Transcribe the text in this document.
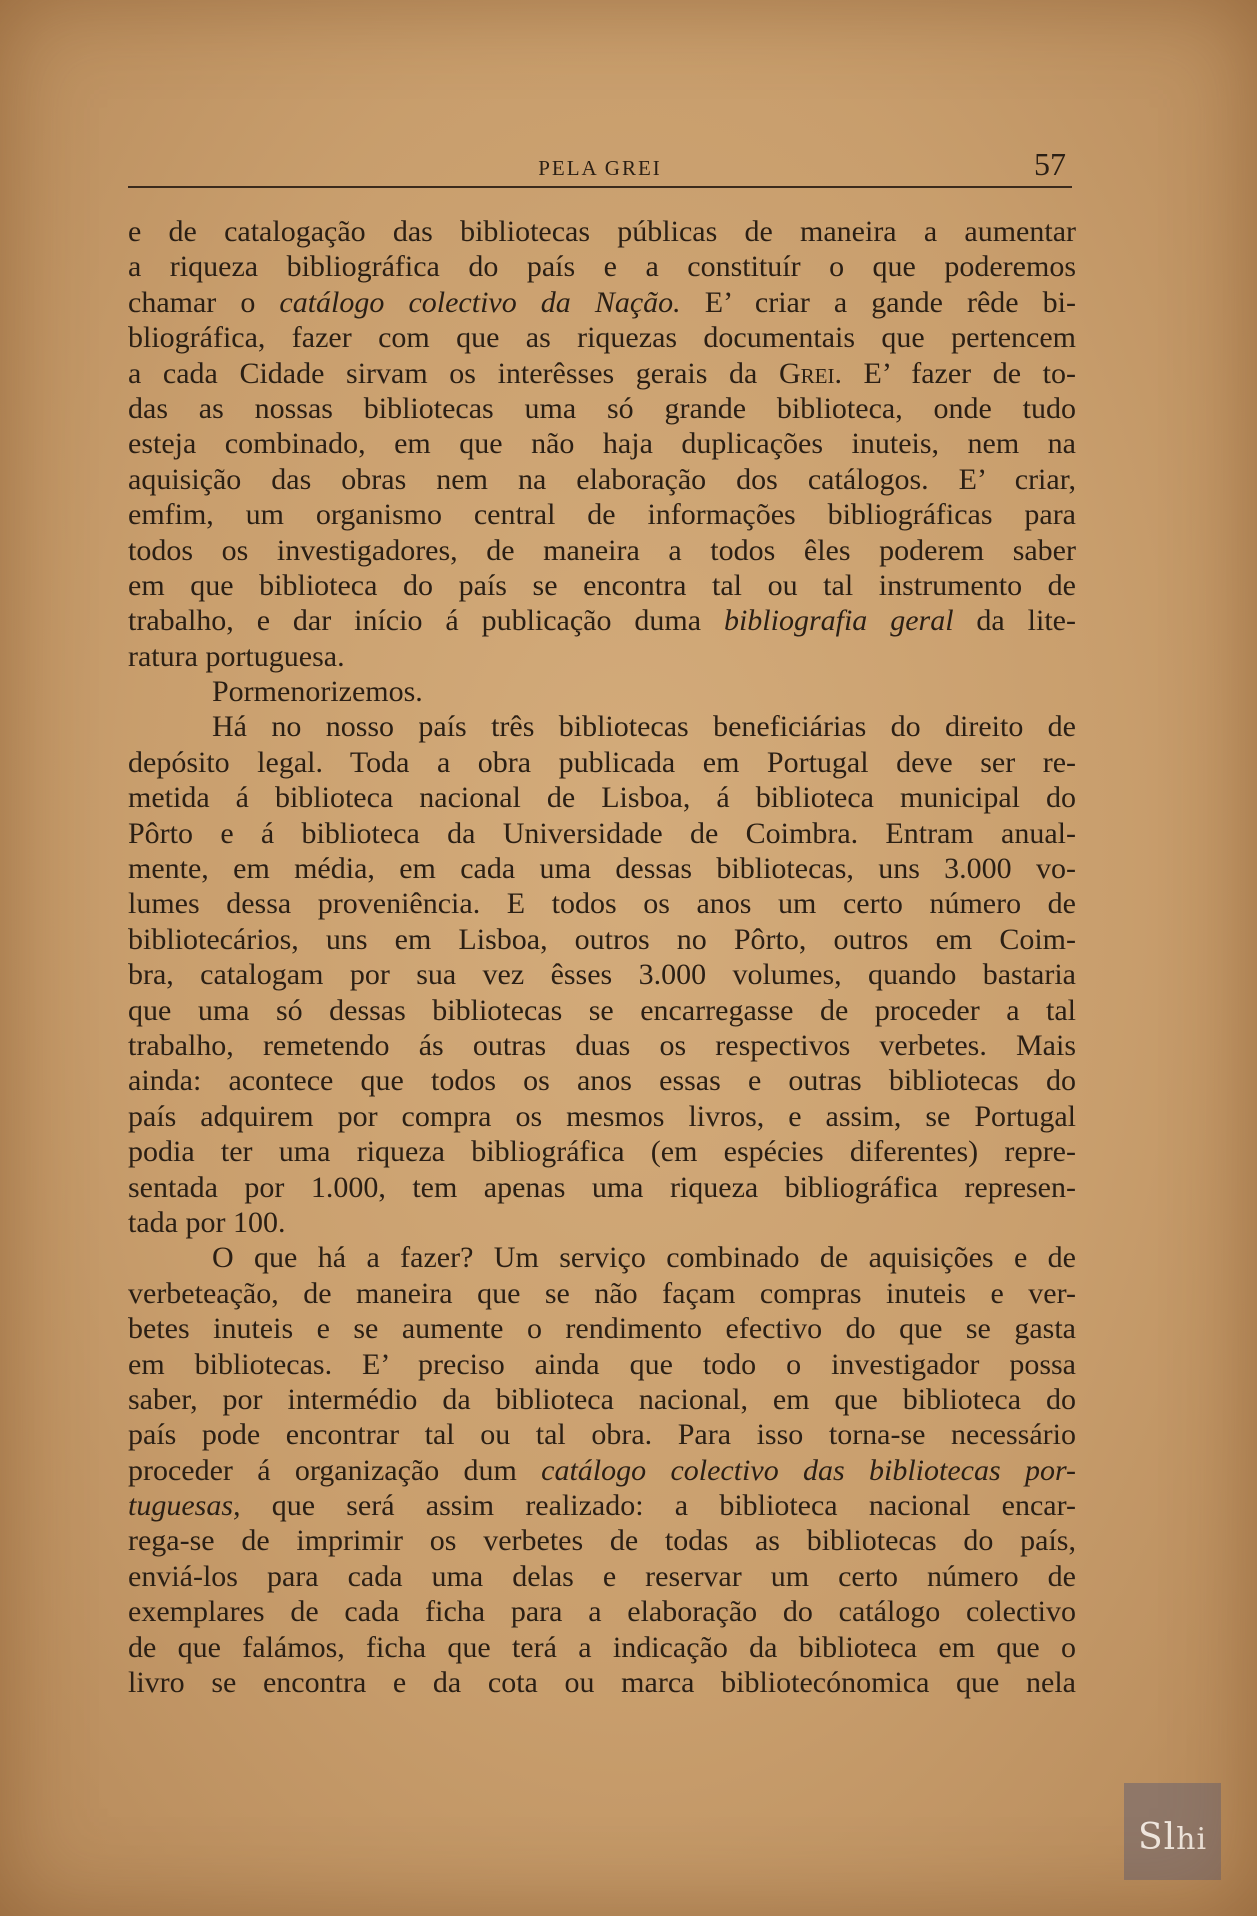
PELA GREI	57
e de catalogação das bibliotecas públicas de maneira a aumentar
a riqueza bibliográfica do país e a constituír o que poderemos
chamar o catálogo colectivo da Nação. E’ criar a gande rêde bi-
bliográfica, fazer com que as riquezas documentais que pertencem
a cada Cidade sirvam os interêsses gerais da Grei. E’ fazer de to-
das as nossas bibliotecas uma só grande biblioteca, onde tudo
esteja combinado, em que não haja duplicações inuteis, nem na
aquisição das obras nem na elaboração dos catálogos. E’ criar,
emfim, um organismo central de informações bibliográficas para
todos os investigadores, de maneira a todos êles poderem saber
em que biblioteca do país se encontra tal ou tal instrumento de
trabalho, e dar início á publicação duma bibliografia geral da lite-
ratura portuguesa.
Pormenorizemos.
Há no nosso país três bibliotecas beneficiárias do direito de
depósito legal. Toda a obra publicada em Portugal deve ser re-
metida á biblioteca nacional de Lisboa, á biblioteca municipal do
Pôrto e á biblioteca da Universidade de Coimbra. Entram anual-
mente, em média, em cada uma dessas bibliotecas, uns 3.000 vo-
lumes dessa proveniência. E todos os anos um certo número de
bibliotecários, uns em Lisboa, outros no Pôrto, outros em Coim-
bra, catalogam por sua vez êsses 3.000 volumes, quando bastaria
que uma só dessas bibliotecas se encarregasse de proceder a tal
trabalho, remetendo ás outras duas os respectivos verbetes. Mais
ainda: acontece que todos os anos essas e outras bibliotecas do
país adquirem por compra os mesmos livros, e assim, se Portugal
podia ter uma riqueza bibliográfica (em espécies diferentes) repre-
sentada por 1.000, tem apenas uma riqueza bibliográfica represen-
tada por 100.
O que há a fazer? Um serviço combinado de aquisições e de
verbeteação, de maneira que se não façam compras inuteis e ver-
betes inuteis e se aumente o rendimento efectivo do que se gasta
em bibliotecas. E’ preciso ainda que todo o investigador possa
saber, por intermédio da biblioteca nacional, em que biblioteca do
país pode encontrar tal ou tal obra. Para isso torna-se necessário
proceder á organização dum catálogo colectivo das bibliotecas por-
tuguesas, que será assim realizado: a biblioteca nacional encar-
rega-se de imprimir os verbetes de todas as bibliotecas do país,
enviá-los para cada uma delas e reservar um certo número de
exemplares de cada ficha para a elaboração do catálogo colectivo
de que falámos, ficha que terá a indicação da biblioteca em que o
livro se encontra e da cota ou marca bibliotecónomica que nela
Slhi
